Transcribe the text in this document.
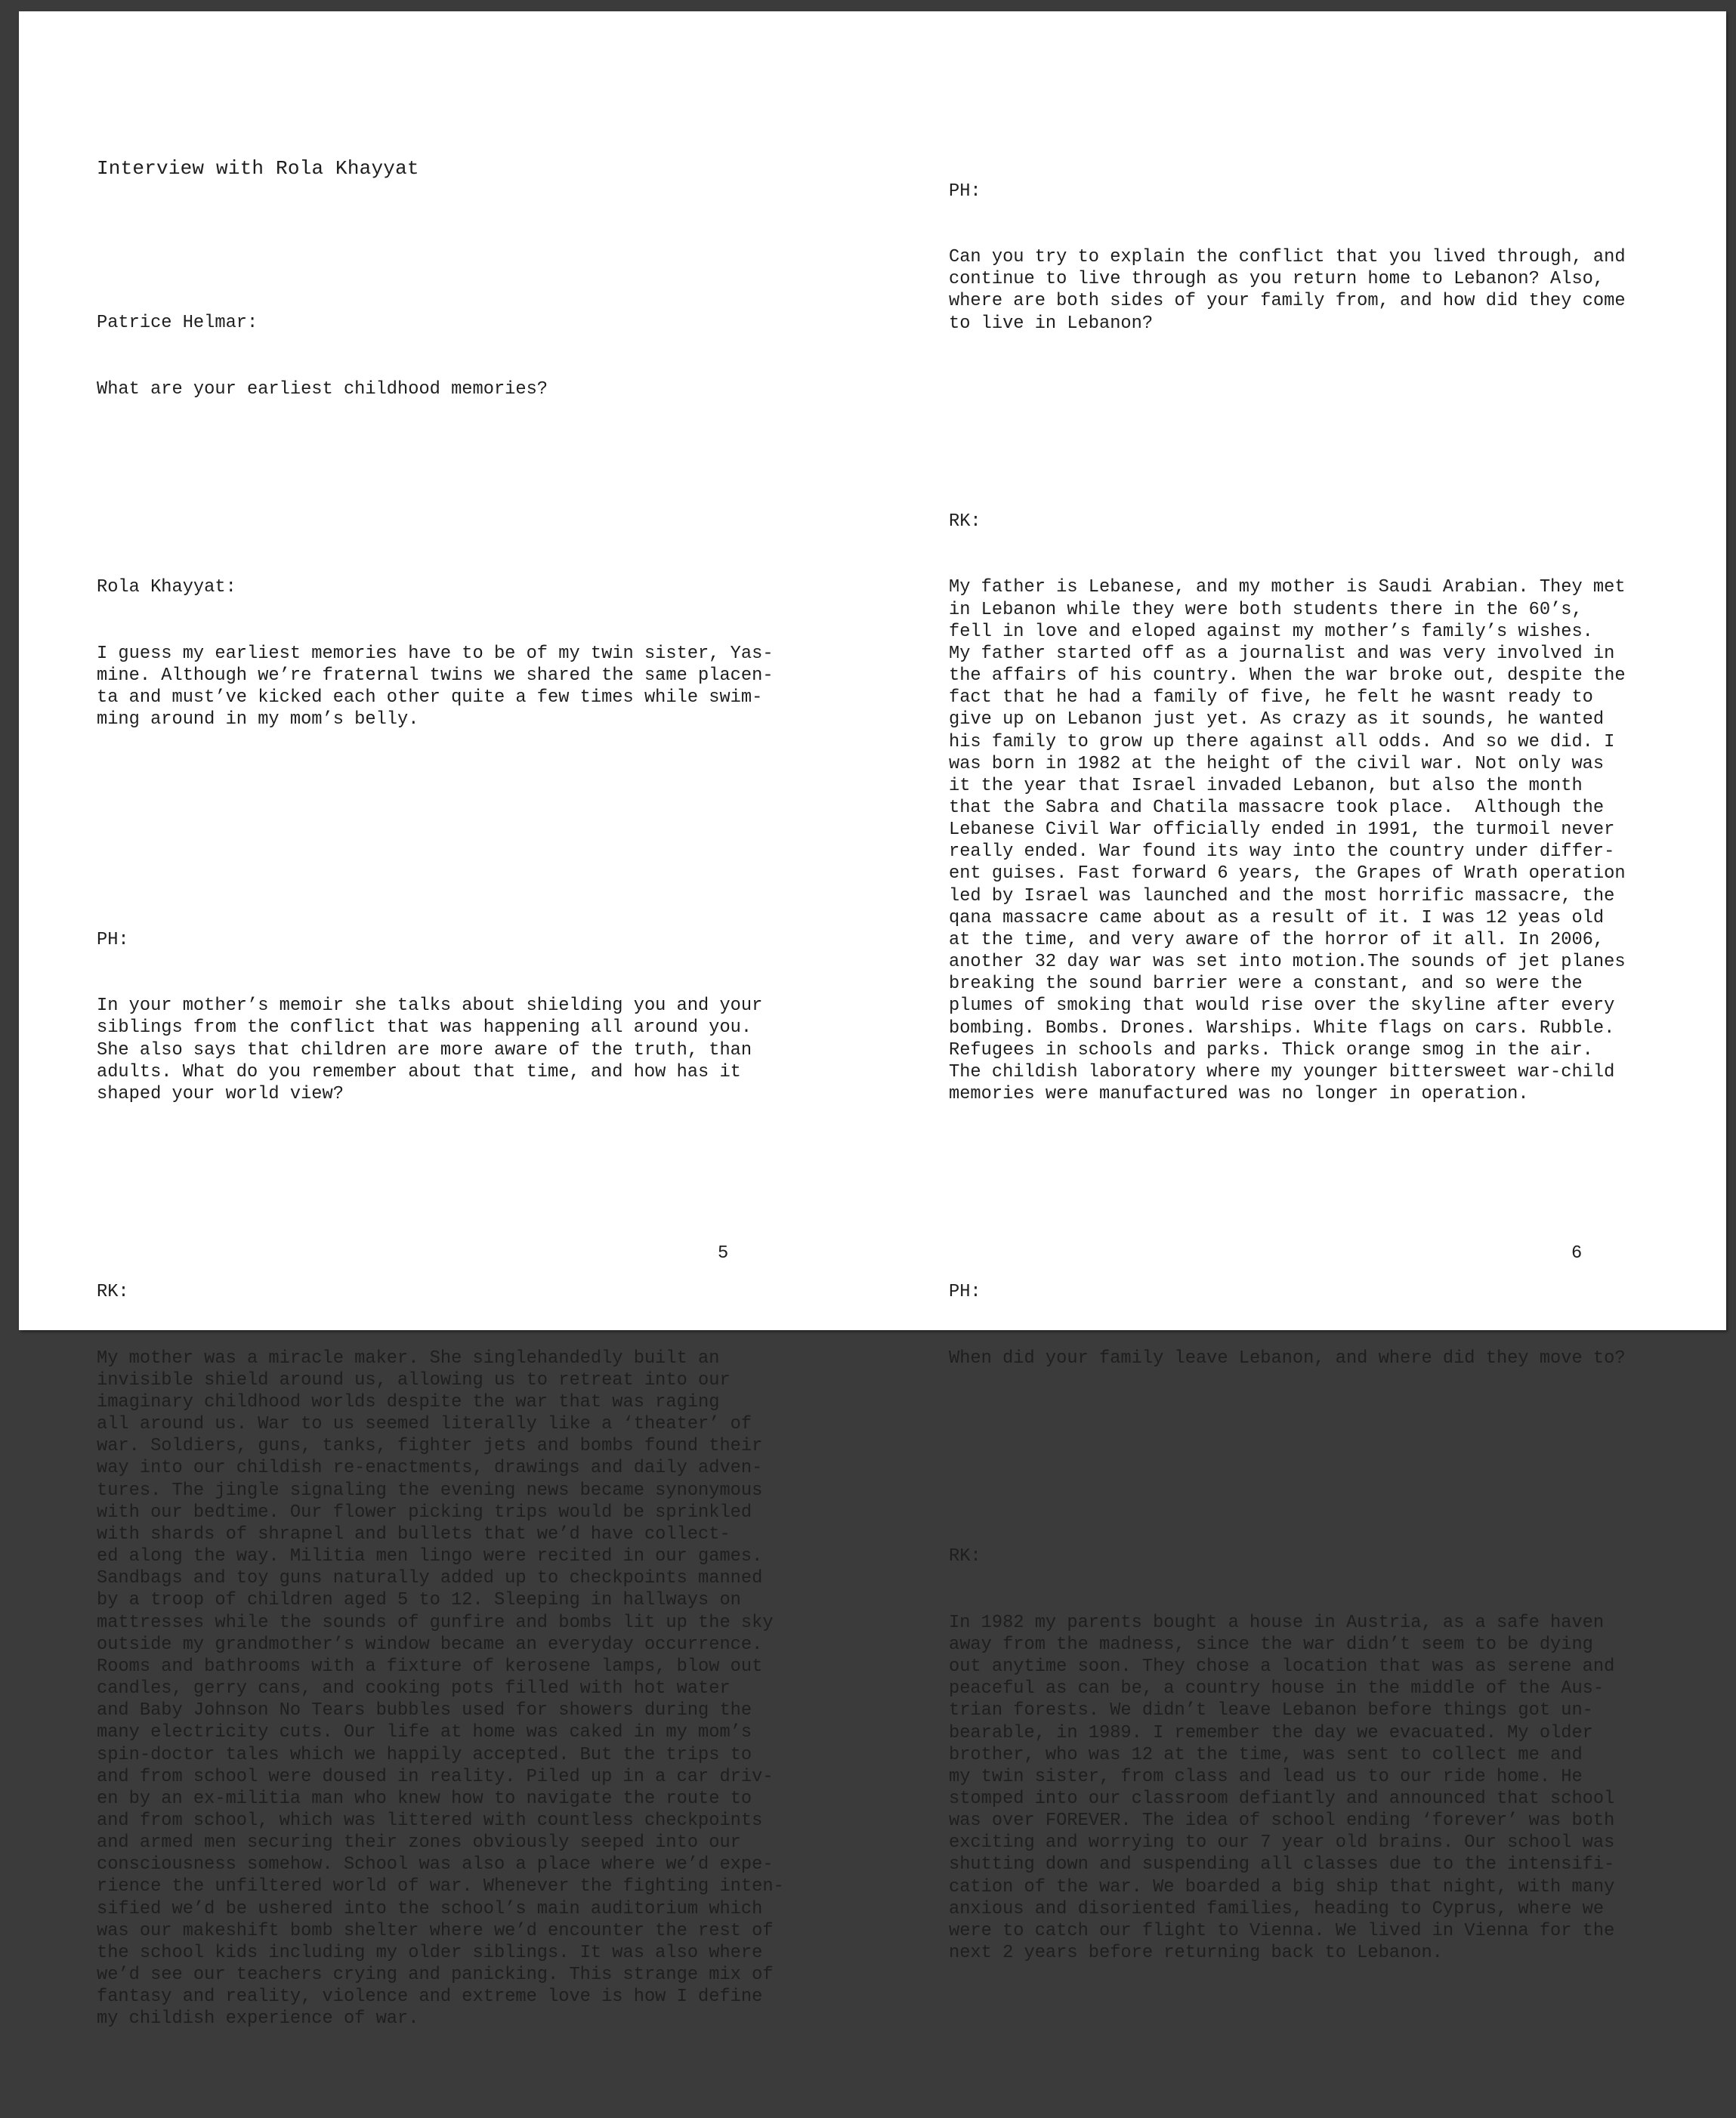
Interview with Rola Khayyat

Patrice Helmar:

What are your earliest childhood memories?

Rola Khayyat:

I guess my earliest memories have to be of my twin sister, Yas-
mine. Although we’re fraternal twins we shared the same placen-
ta and must’ve kicked each other quite a few times while swim-
ming around in my mom’s belly.

PH:

In your mother’s memoir she talks about shielding you and your
siblings from the conflict that was happening all around you.
She also says that children are more aware of the truth, than
adults. What do you remember about that time, and how has it
shaped your world view?

RK:

My mother was a miracle maker. She singlehandedly built an
invisible shield around us, allowing us to retreat into our
imaginary childhood worlds despite the war that was raging
all around us. War to us seemed literally like a ‘theater’ of
war. Soldiers, guns, tanks, fighter jets and bombs found their
way into our childish re-enactments, drawings and daily adven-
tures. The jingle signaling the evening news became synonymous
with our bedtime. Our flower picking trips would be sprinkled
with shards of shrapnel and bullets that we’d have collect-
ed along the way. Militia men lingo were recited in our games.
Sandbags and toy guns naturally added up to checkpoints manned
by a troop of children aged 5 to 12. Sleeping in hallways on
mattresses while the sounds of gunfire and bombs lit up the sky
outside my grandmother’s window became an everyday occurrence.
Rooms and bathrooms with a fixture of kerosene lamps, blow out
candles, gerry cans, and cooking pots filled with hot water
and Baby Johnson No Tears bubbles used for showers during the
many electricity cuts. Our life at home was caked in my mom’s
spin-doctor tales which we happily accepted. But the trips to
and from school were doused in reality. Piled up in a car driv-
en by an ex-militia man who knew how to navigate the route to
and from school, which was littered with countless checkpoints
and armed men securing their zones obviously seeped into our
consciousness somehow. School was also a place where we’d expe-
rience the unfiltered world of war. Whenever the fighting inten-
sified we’d be ushered into the school’s main auditorium which
was our makeshift bomb shelter where we’d encounter the rest of
the school kids including my older siblings. It was also where
we’d see our teachers crying and panicking. This strange mix of
fantasy and reality, violence and extreme love is how I define
my childish experience of war.

PH:

Can you try to explain the conflict that you lived through, and
continue to live through as you return home to Lebanon? Also,
where are both sides of your family from, and how did they come
to live in Lebanon?

RK:

My father is Lebanese, and my mother is Saudi Arabian. They met
in Lebanon while they were both students there in the 60’s,
fell in love and eloped against my mother’s family’s wishes.
My father started off as a journalist and was very involved in
the affairs of his country. When the war broke out, despite the
fact that he had a family of five, he felt he wasnt ready to
give up on Lebanon just yet. As crazy as it sounds, he wanted
his family to grow up there against all odds. And so we did. I
was born in 1982 at the height of the civil war. Not only was
it the year that Israel invaded Lebanon, but also the month
that the Sabra and Chatila massacre took place.  Although the
Lebanese Civil War officially ended in 1991, the turmoil never
really ended. War found its way into the country under differ-
ent guises. Fast forward 6 years, the Grapes of Wrath operation
led by Israel was launched and the most horrific massacre, the
qana massacre came about as a result of it. I was 12 yeas old
at the time, and very aware of the horror of it all. In 2006,
another 32 day war was set into motion.The sounds of jet planes
breaking the sound barrier were a constant, and so were the
plumes of smoking that would rise over the skyline after every
bombing. Bombs. Drones. Warships. White flags on cars. Rubble.
Refugees in schools and parks. Thick orange smog in the air.
The childish laboratory where my younger bittersweet war-child
memories were manufactured was no longer in operation.

PH:

When did your family leave Lebanon, and where did they move to?

RK:

In 1982 my parents bought a house in Austria, as a safe haven
away from the madness, since the war didn’t seem to be dying
out anytime soon. They chose a location that was as serene and
peaceful as can be, a country house in the middle of the Aus-
trian forests. We didn’t leave Lebanon before things got un-
bearable, in 1989. I remember the day we evacuated. My older
brother, who was 12 at the time, was sent to collect me and
my twin sister, from class and lead us to our ride home. He
stomped into our classroom defiantly and announced that school
was over FOREVER. The idea of school ending ‘forever’ was both
exciting and worrying to our 7 year old brains. Our school was
shutting down and suspending all classes due to the intensifi-
cation of the war. We boarded a big ship that night, with many
anxious and disoriented families, heading to Cyprus, where we
were to catch our flight to Vienna. We lived in Vienna for the
next 2 years before returning back to Lebanon.

5	6
